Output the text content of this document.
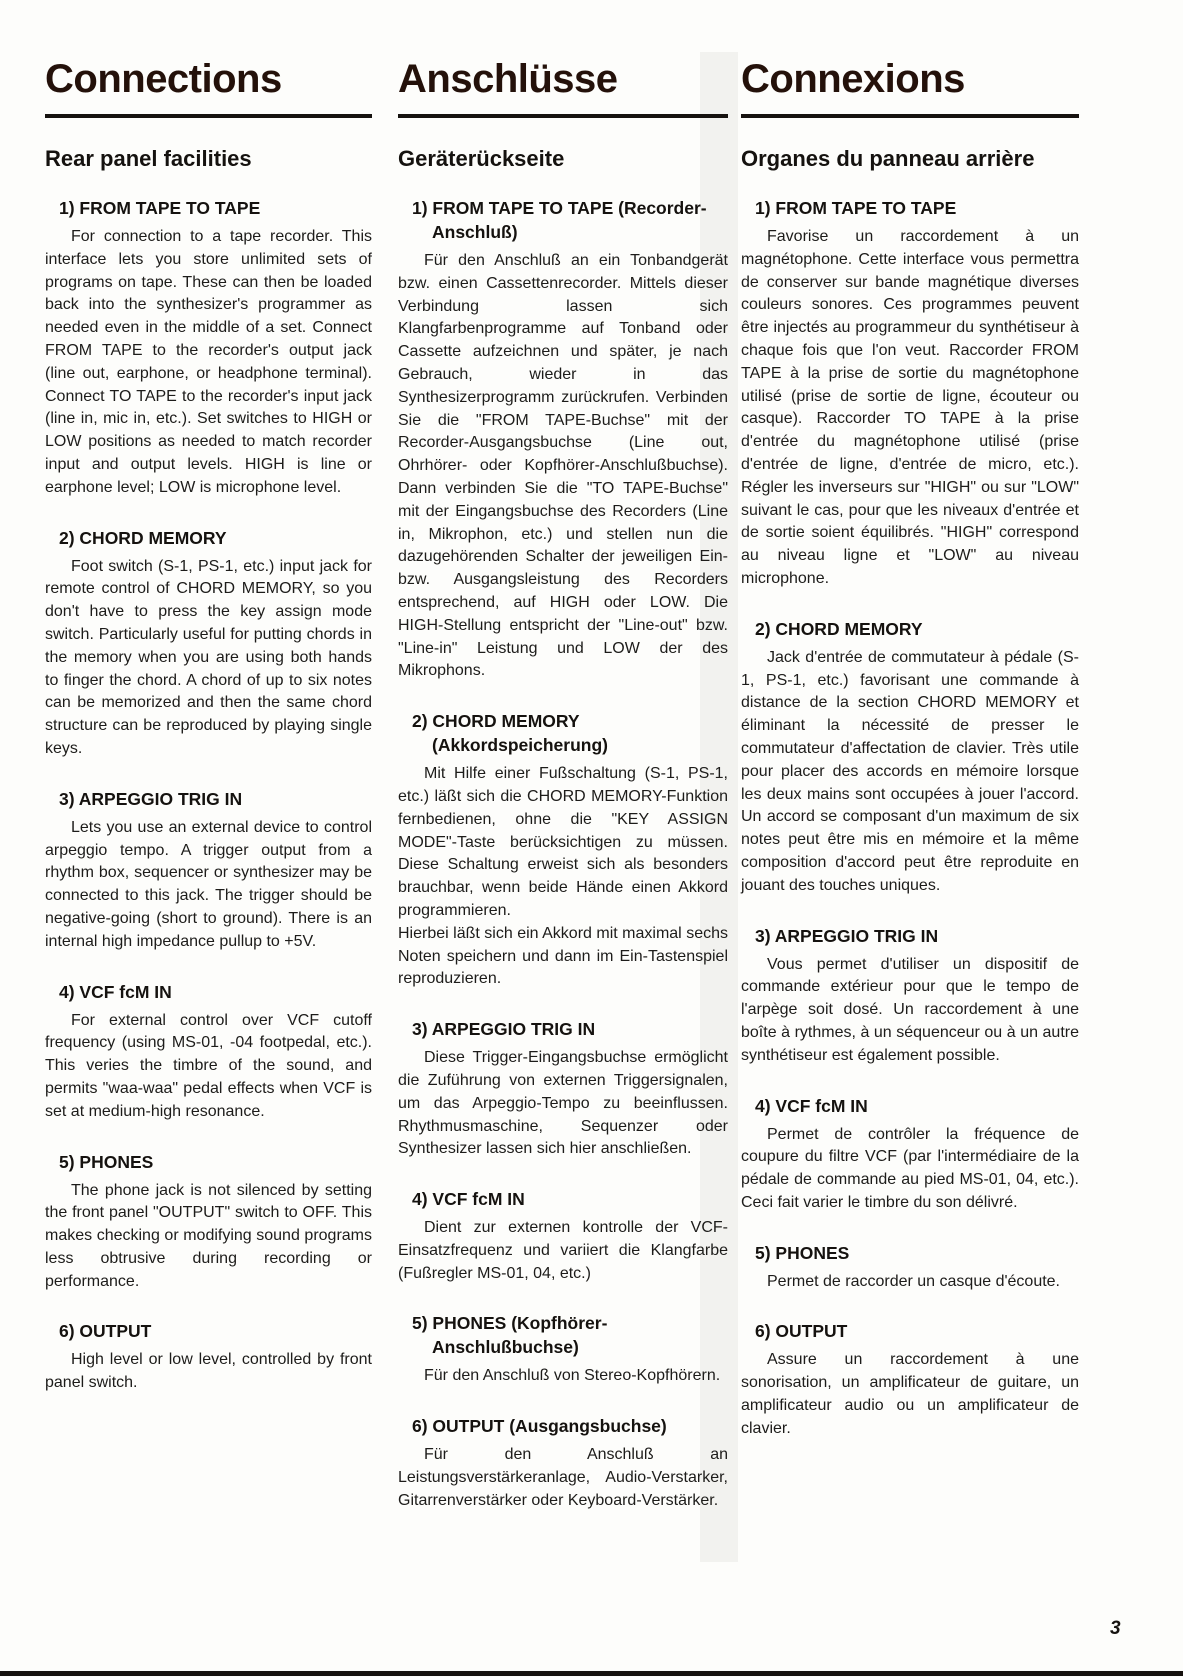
Connections
Rear panel facilities
1) FROM TAPE TO TAPE

For connection to a tape recorder. This interface lets you store unlimited sets of programs on tape. These can then be loaded back into the synthesizer's programmer as needed even in the middle of a set. Connect FROM TAPE to the recorder's output jack (line out, earphone, or headphone terminal). Connect TO TAPE to the recorder's input jack (line in, mic in, etc.). Set switches to HIGH or LOW positions as needed to match recorder input and output levels. HIGH is line or earphone level; LOW is microphone level.

2) CHORD MEMORY

Foot switch (S-1, PS-1, etc.) input jack for remote control of CHORD MEMORY, so you don't have to press the key assign mode switch. Particularly useful for putting chords in the memory when you are using both hands to finger the chord. A chord of up to six notes can be memorized and then the same chord structure can be reproduced by playing single keys.

3) ARPEGGIO TRIG IN

Lets you use an external device to control arpeggio tempo. A trigger output from a rhythm box, sequencer or synthesizer may be connected to this jack. The trigger should be negative-going (short to ground). There is an internal high impedance pullup to +5V.

4) VCF fcM IN

For external control over VCF cutoff frequency (using MS-01, -04 footpedal, etc.). This veries the timbre of the sound, and permits "waa-waa" pedal effects when VCF is set at medium-high resonance.

5) PHONES

The phone jack is not silenced by setting the front panel "OUTPUT" switch to OFF. This makes checking or modifying sound programs less obtrusive during recording or performance.

6) OUTPUT

High level or low level, controlled by front panel switch.

Anschlüsse
Geräterückseite
1) FROM TAPE TO TAPE (Recorder-Anschluß)

Für den Anschluß an ein Tonbandgerät bzw. einen Cassettenrecorder. Mittels dieser Verbindung lassen sich Klangfarbenprogramme auf Tonband oder Cassette aufzeichnen und später, je nach Gebrauch, wieder in das Synthesizerprogramm zurückrufen. Verbinden Sie die "FROM TAPE-Buchse" mit der Recorder-Ausgangsbuchse (Line out, Ohrhörer- oder Kopfhörer-Anschlußbuchse). Dann verbinden Sie die "TO TAPE-Buchse" mit der Eingangsbuchse des Recorders (Line in, Mikrophon, etc.) und stellen nun die dazugehörenden Schalter der jeweiligen Ein- bzw. Ausgangsleistung des Recorders entsprechend, auf HIGH oder LOW. Die HIGH-Stellung entspricht der "Line-out" bzw. "Line-in" Leistung und LOW der des Mikrophons.

2) CHORD MEMORY (Akkordspeicherung)

Mit Hilfe einer Fußschaltung (S-1, PS-1, etc.) läßt sich die CHORD MEMORY-Funktion fernbedienen, ohne die "KEY ASSIGN MODE"-Taste berücksichtigen zu müssen. Diese Schaltung erweist sich als besonders brauchbar, wenn beide Hände einen Akkord programmieren.

Hierbei läßt sich ein Akkord mit maximal sechs Noten speichern und dann im Ein-Tastenspiel reproduzieren.

3) ARPEGGIO TRIG IN

Diese Trigger-Eingangsbuchse ermöglicht die Zuführung von externen Triggersignalen, um das Arpeggio-Tempo zu beeinflussen. Rhythmusmaschine, Sequenzer oder Synthesizer lassen sich hier anschließen.

4) VCF fcM IN

Dient zur externen kontrolle der VCF-Einsatzfrequenz und variiert die Klangfarbe (Fußregler MS-01, 04, etc.)

5) PHONES (Kopfhörer-Anschlußbuchse)

Für den Anschluß von Stereo-Kopfhörern.

6) OUTPUT (Ausgangsbuchse)

Für den Anschluß an Leistungsverstärkeranlage, Audio-Verstarker, Gitarrenverstärker oder Keyboard-Verstärker.

Connexions
Organes du panneau arrière
1) FROM TAPE TO TAPE

Favorise un raccordement à un magnétophone. Cette interface vous permettra de conserver sur bande magnétique diverses couleurs sonores. Ces programmes peuvent être injectés au programmeur du synthétiseur à chaque fois que l'on veut. Raccorder FROM TAPE à la prise de sortie du magnétophone utilisé (prise de sortie de ligne, écouteur ou casque). Raccorder TO TAPE à la prise d'entrée du magnétophone utilisé (prise d'entrée de ligne, d'entrée de micro, etc.). Régler les inverseurs sur "HIGH" ou sur "LOW" suivant le cas, pour que les niveaux d'entrée et de sortie soient équilibrés. "HIGH" correspond au niveau ligne et "LOW" au niveau microphone.

2) CHORD MEMORY

Jack d'entrée de commutateur à pédale (S-1, PS-1, etc.) favorisant une commande à distance de la section CHORD MEMORY et éliminant la nécessité de presser le commutateur d'affectation de clavier. Très utile pour placer des accords en mémoire lorsque les deux mains sont occupées à jouer l'accord. Un accord se composant d'un maximum de six notes peut être mis en mémoire et la même composition d'accord peut être reproduite en jouant des touches uniques.

3) ARPEGGIO TRIG IN

Vous permet d'utiliser un dispositif de commande extérieur pour que le tempo de l'arpège soit dosé. Un raccordement à une boîte à rythmes, à un séquenceur ou à un autre synthétiseur est également possible.

4) VCF fcM IN

Permet de contrôler la fréquence de coupure du filtre VCF (par l'intermédiaire de la pédale de commande au pied MS-01, 04, etc.). Ceci fait varier le timbre du son délivré.

5) PHONES

Permet de raccorder un casque d'écoute.

6) OUTPUT

Assure un raccordement à une sonorisation, un amplificateur de guitare, un amplificateur audio ou un amplificateur de clavier.

3
